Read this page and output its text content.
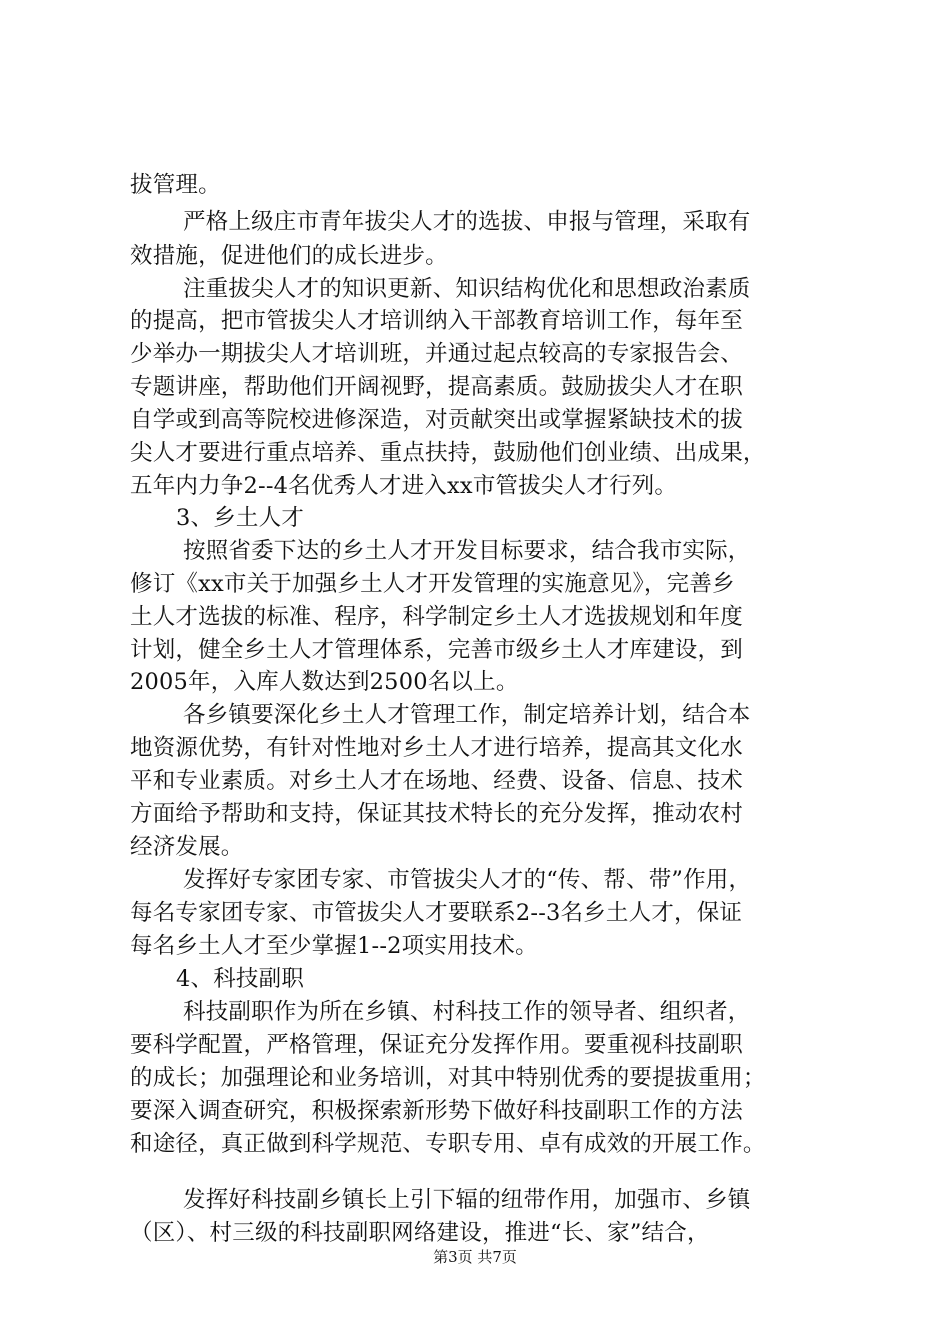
拔管理。

严格上级庄市青年拔尖人才的选拔、申报与管理，采取有

效措施，促进他们的成长进步。

注重拔尖人才的知识更新、知识结构优化和思想政治素质

的提高，把市管拔尖人才培训纳入干部教育培训工作，每年至

少举办一期拔尖人才培训班，并通过起点较高的专家报告会、

专题讲座，帮助他们开阔视野，提高素质。鼓励拔尖人才在职

自学或到高等院校进修深造，对贡献突出或掌握紧缺技术的拔

尖人才要进行重点培养、重点扶持，鼓励他们创业绩、出成果，

五年内力争2--4名优秀人才进入xx市管拔尖人才行列。

3、乡土人才

按照省委下达的乡土人才开发目标要求，结合我市实际，

修订《xx市关于加强乡土人才开发管理的实施意见》，完善乡

土人才选拔的标准、程序，科学制定乡土人才选拔规划和年度

计划，健全乡土人才管理体系，完善市级乡土人才库建设，到

2005年，入库人数达到2500名以上。

各乡镇要深化乡土人才管理工作，制定培养计划，结合本

地资源优势，有针对性地对乡土人才进行培养，提高其文化水

平和专业素质。对乡土人才在场地、经费、设备、信息、技术

方面给予帮助和支持，保证其技术特长的充分发挥，推动农村

经济发展。

发挥好专家团专家、市管拔尖人才的“传、帮、带”作用，

每名专家团专家、市管拔尖人才要联系2--3名乡土人才，保证

每名乡土人才至少掌握1--2项实用技术。

4、科技副职

科技副职作为所在乡镇、村科技工作的领导者、组织者，

要科学配置，严格管理，保证充分发挥作用。要重视科技副职

的成长；加强理论和业务培训，对其中特别优秀的要提拔重用；

要深入调查研究，积极探索新形势下做好科技副职工作的方法

和途径，真正做到科学规范、专职专用、卓有成效的开展工作。

发挥好科技副乡镇长上引下辐的纽带作用，加强市、乡镇

（区）、村三级的科技副职网络建设，推进“长、家”结合，

第3页 共7页
